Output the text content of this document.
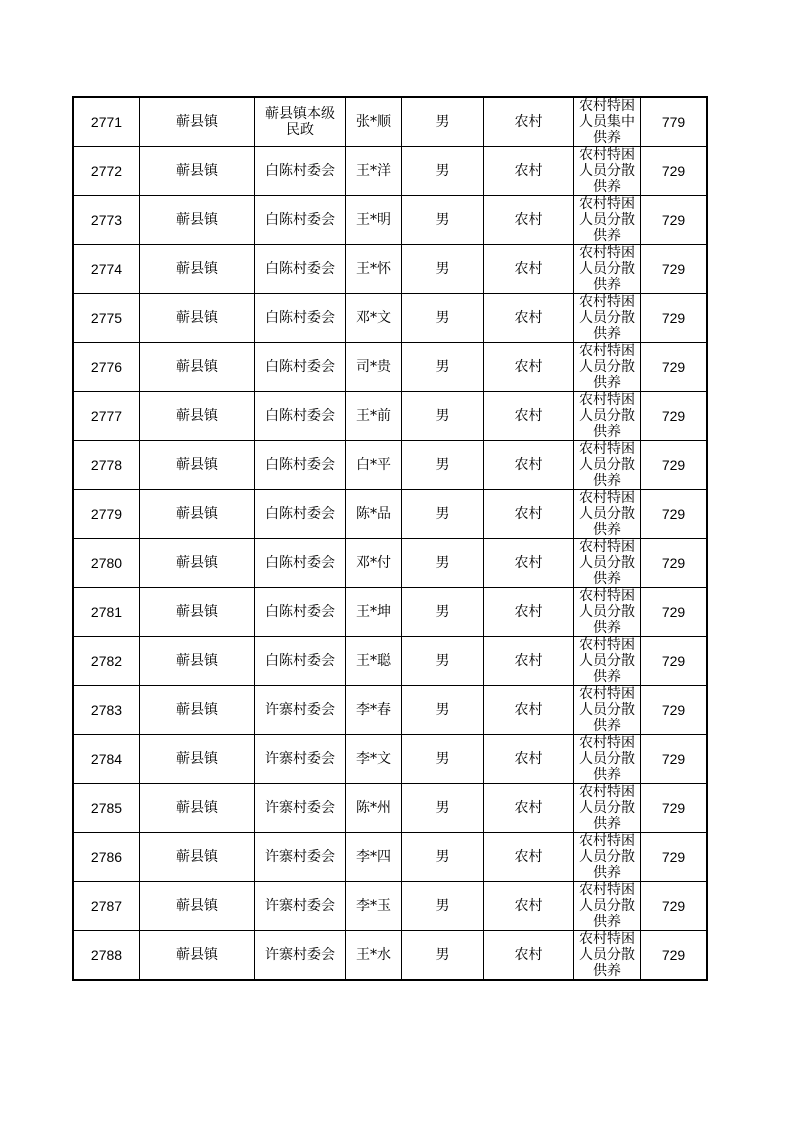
2771	蕲县镇	蕲县镇本级民政	张*顺	男	农村	农村特困人员集中供养	779
2772	蕲县镇	白陈村委会	王*洋	男	农村	农村特困人员分散供养	729
2773	蕲县镇	白陈村委会	王*明	男	农村	农村特困人员分散供养	729
2774	蕲县镇	白陈村委会	王*怀	男	农村	农村特困人员分散供养	729
2775	蕲县镇	白陈村委会	邓*文	男	农村	农村特困人员分散供养	729
2776	蕲县镇	白陈村委会	司*贵	男	农村	农村特困人员分散供养	729
2777	蕲县镇	白陈村委会	王*前	男	农村	农村特困人员分散供养	729
2778	蕲县镇	白陈村委会	白*平	男	农村	农村特困人员分散供养	729
2779	蕲县镇	白陈村委会	陈*品	男	农村	农村特困人员分散供养	729
2780	蕲县镇	白陈村委会	邓*付	男	农村	农村特困人员分散供养	729
2781	蕲县镇	白陈村委会	王*坤	男	农村	农村特困人员分散供养	729
2782	蕲县镇	白陈村委会	王*聪	男	农村	农村特困人员分散供养	729
2783	蕲县镇	许寨村委会	李*春	男	农村	农村特困人员分散供养	729
2784	蕲县镇	许寨村委会	李*文	男	农村	农村特困人员分散供养	729
2785	蕲县镇	许寨村委会	陈*州	男	农村	农村特困人员分散供养	729
2786	蕲县镇	许寨村委会	李*四	男	农村	农村特困人员分散供养	729
2787	蕲县镇	许寨村委会	李*玉	男	农村	农村特困人员分散供养	729
2788	蕲县镇	许寨村委会	王*水	男	农村	农村特困人员分散供养	729
